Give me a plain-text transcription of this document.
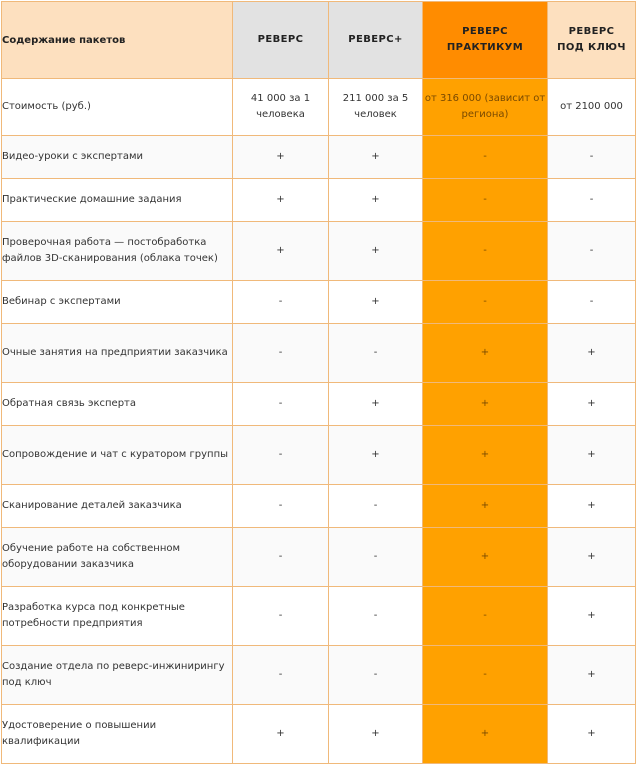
Содержание пакетов	РЕВЕРС	РЕВЕРС+	РЕВЕРС ПРАКТИКУМ	РЕВЕРС ПОД КЛЮЧ
Стоимость (руб.)	41 000 за 1 человека	211 000 за 5 человек	от 316 000 (зависит от региона)	от 2100 000
Видео-уроки с экспертами	+	+	-	-
Практические домашние задания	+	+	-	-
Проверочная работа — постобработка файлов 3D-сканирования (облака точек)	+	+	-	-
Вебинар с экспертами	-	+	-	-
Очные занятия на предприятии заказчика	-	-	+	+
Обратная связь эксперта	-	+	+	+
Сопровождение и чат с куратором группы	-	+	+	+
Сканирование деталей заказчика	-	-	+	+
Обучение работе на собственном оборудовании заказчика	-	-	+	+
Разработка курса под конкретные потребности предприятия	-	-	-	+
Создание отдела по реверс-инжинирингу под ключ	-	-	-	+
Удостоверение о повышении квалификации	+	+	+	+
